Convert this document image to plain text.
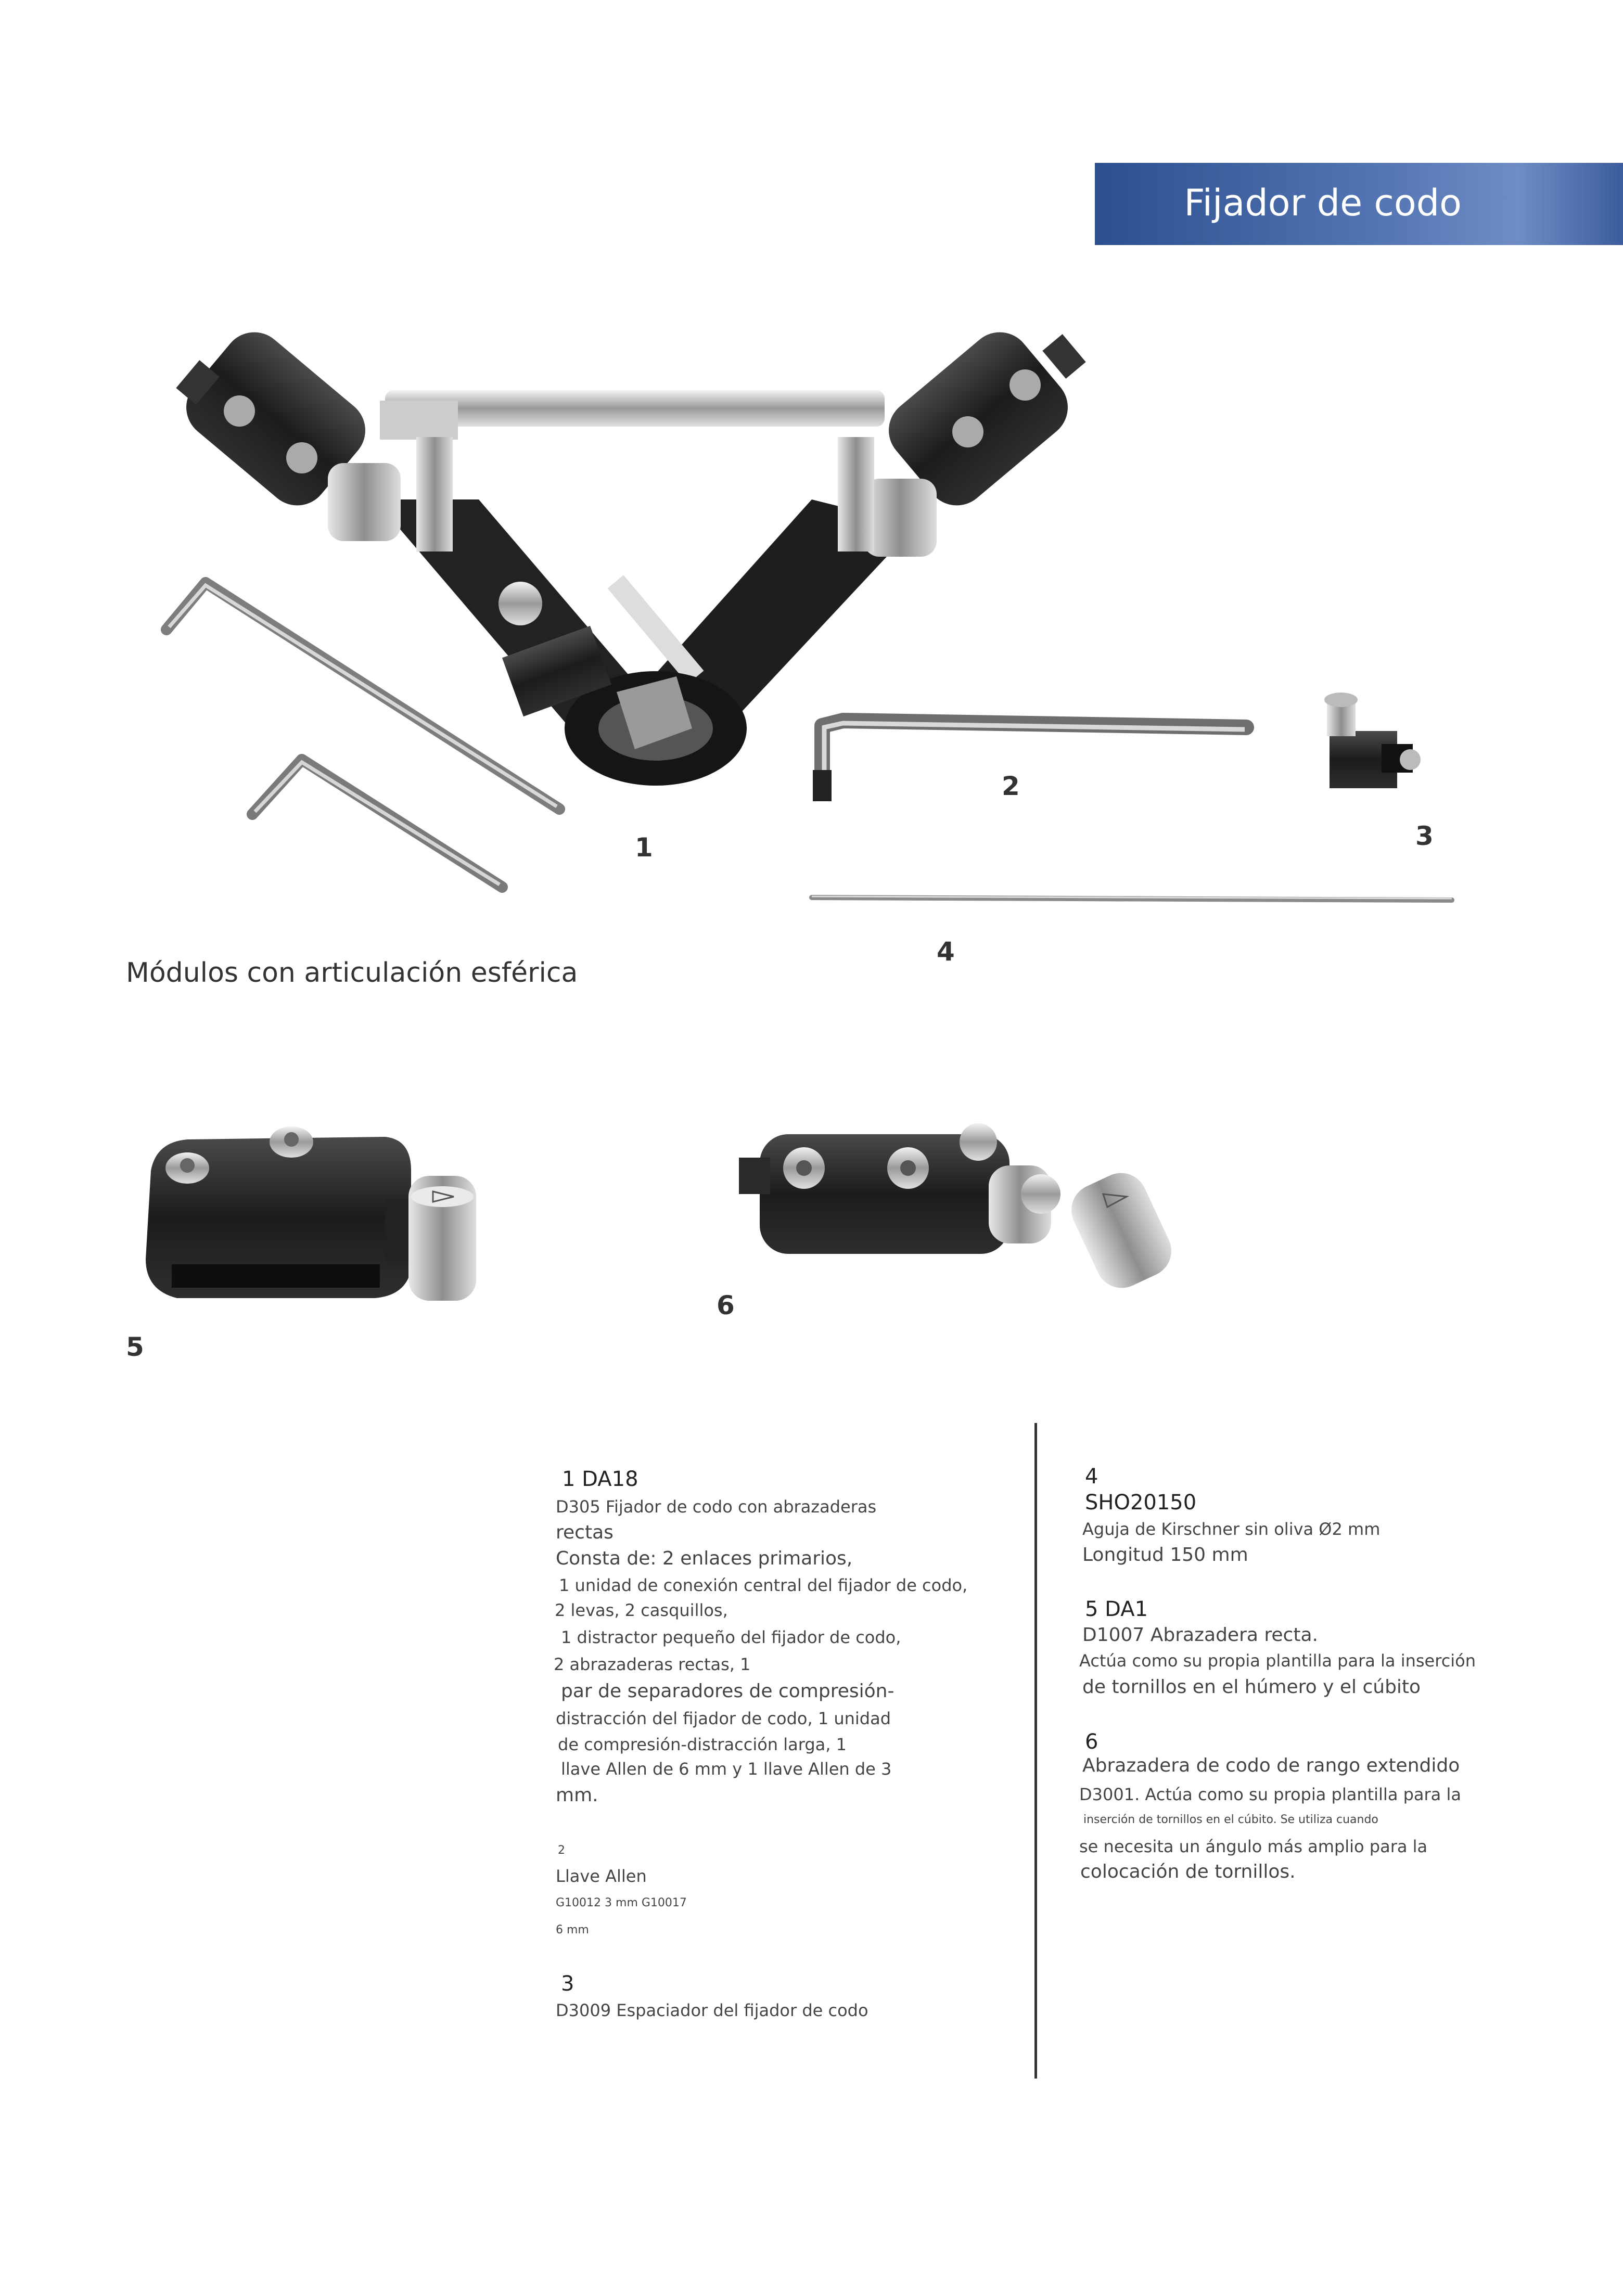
Fijador de codo
1
2
3
4
5
6
Módulos con articulación esférica
1 DA18
D305 Fijador de codo con abrazaderas
rectas
Consta de: 2 enlaces primarios,
1 unidad de conexión central del fijador de codo,
2 levas, 2 casquillos,
1 distractor pequeño del fijador de codo,
2 abrazaderas rectas, 1
par de separadores de compresión-
distracción del fijador de codo, 1 unidad
de compresión-distracción larga, 1
llave Allen de 6 mm y 1 llave Allen de 3
mm.
2
Llave Allen
G10012 3 mm G10017
6 mm
3
D3009 Espaciador del fijador de codo
4
SHO20150
Aguja de Kirschner sin oliva Ø2 mm
Longitud 150 mm
5 DA1
D1007 Abrazadera recta.
Actúa como su propia plantilla para la inserción
de tornillos en el húmero y el cúbito
6
Abrazadera de codo de rango extendido
D3001. Actúa como su propia plantilla para la
inserción de tornillos en el cúbito. Se utiliza cuando
se necesita un ángulo más amplio para la
colocación de tornillos.
